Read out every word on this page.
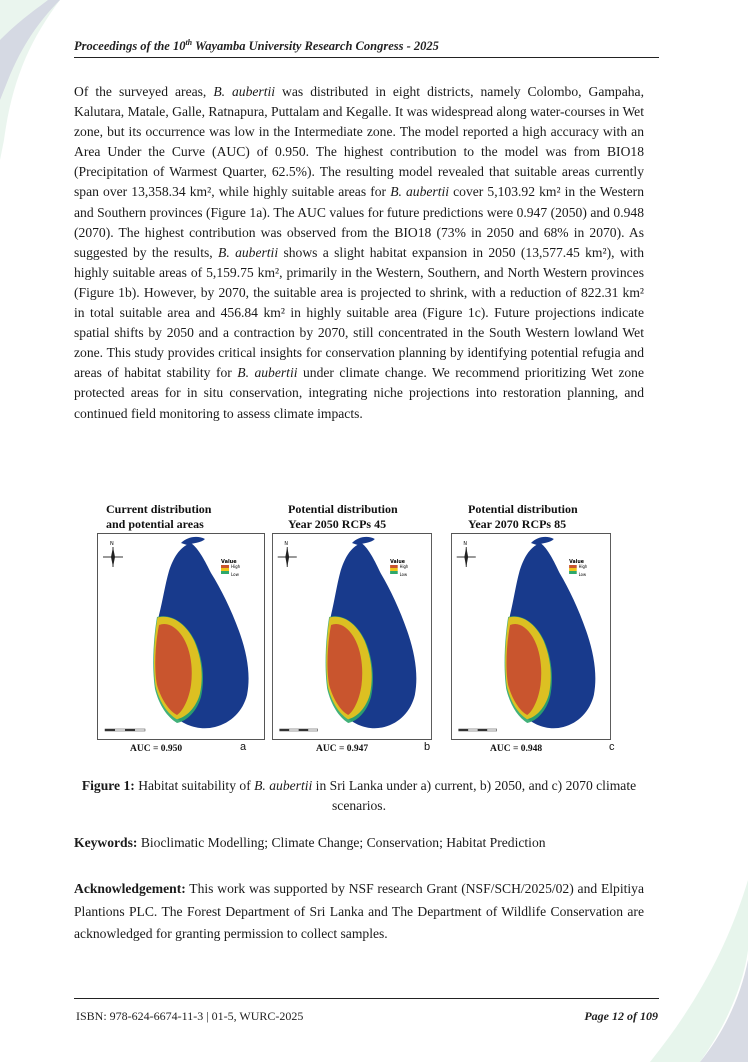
Proceedings of the 10th Wayamba University Research Congress - 2025
Of the surveyed areas, B. aubertii was distributed in eight districts, namely Colombo, Gampaha, Kalutara, Matale, Galle, Ratnapura, Puttalam and Kegalle. It was widespread along water-courses in Wet zone, but its occurrence was low in the Intermediate zone. The model reported a high accuracy with an Area Under the Curve (AUC) of 0.950. The highest contribution to the model was from BIO18 (Precipitation of Warmest Quarter, 62.5%). The resulting model revealed that suitable areas currently span over 13,358.34 km², while highly suitable areas for B. aubertii cover 5,103.92 km² in the Western and Southern provinces (Figure 1a). The AUC values for future predictions were 0.947 (2050) and 0.948 (2070). The highest contribution was observed from the BIO18 (73% in 2050 and 68% in 2070). As suggested by the results, B. aubertii shows a slight habitat expansion in 2050 (13,577.45 km²), with highly suitable areas of 5,159.75 km², primarily in the Western, Southern, and North Western provinces (Figure 1b). However, by 2070, the suitable area is projected to shrink, with a reduction of 822.31 km² in total suitable area and 456.84 km² in highly suitable area (Figure 1c). Future projections indicate spatial shifts by 2050 and a contraction by 2070, still concentrated in the South Western lowland Wet zone. This study provides critical insights for conservation planning by identifying potential refugia and areas of habitat stability for B. aubertii under climate change. We recommend prioritizing Wet zone protected areas for in situ conservation, integrating niche projections into restoration planning, and continued field monitoring to assess climate impacts.
Current distribution
and potential areas
N
Value
High
Low
AUC = 0.950	a
Potential distribution
Year 2050 RCPs 45
N
Value
High
Low
AUC = 0.947	b
Potential distribution
Year 2070 RCPs 85
N
Value
High
Low
AUC = 0.948	c
Figure 1: Habitat suitability of B. aubertii in Sri Lanka under a) current, b) 2050, and c) 2070 climate scenarios.
Keywords: Bioclimatic Modelling; Climate Change; Conservation; Habitat Prediction
Acknowledgement: This work was supported by NSF research Grant (NSF/SCH/2025/02) and Elpitiya Plantions PLC. The Forest Department of Sri Lanka and The Department of Wildlife Conservation are acknowledged for granting permission to collect samples.
ISBN: 978-624-6674-11-3 | 01-5, WURC-2025	Page 12 of 109
